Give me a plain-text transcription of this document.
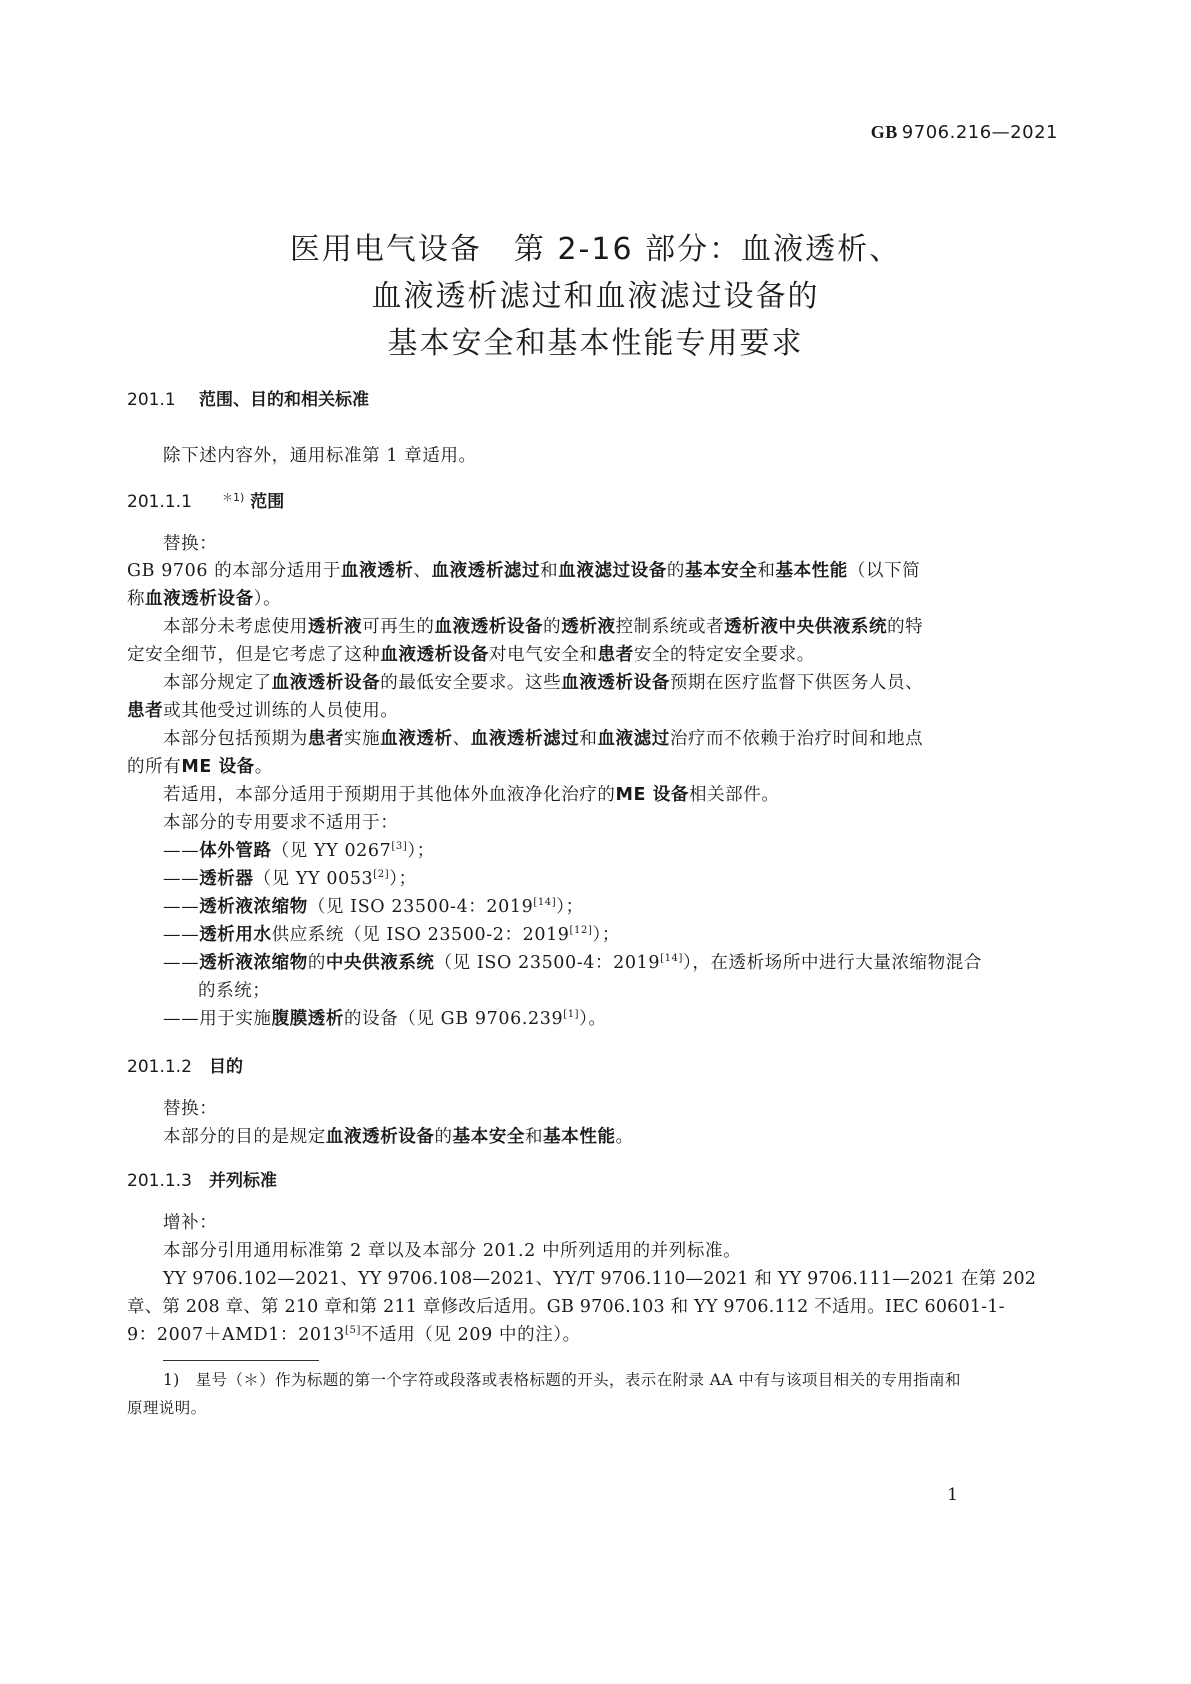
GB 9706.216—2021
医用电气设备　第 2-16 部分：血液透析、
血液透析滤过和血液滤过设备的
基本安全和基本性能专用要求
201.1 范围、目的和相关标准
除下述内容外，通用标准第 1 章适用。
201.1.1	$^{*1)}$ 范围
替换：
GB 9706 的本部分适用于血液透析、血液透析滤过和血液滤过设备的基本安全和基本性能（以下简
称血液透析设备）。
本部分未考虑使用透析液可再生的血液透析设备的透析液控制系统或者透析液中央供液系统的特
定安全细节，但是它考虑了这种血液透析设备对电气安全和患者安全的特定安全要求。
本部分规定了血液透析设备的最低安全要求。这些血液透析设备预期在医疗监督下供医务人员、
患者或其他受过训练的人员使用。
本部分包括预期为患者实施血液透析、血液透析滤过和血液滤过治疗而不依赖于治疗时间和地点
的所有ME 设备。
若适用，本部分适用于预期用于其他体外血液净化治疗的ME 设备相关部件。
本部分的专用要求不适用于：
——体外管路（见 YY 0267[3]）；
——透析器（见 YY 0053[2]）；
——透析液浓缩物（见 ISO 23500-4：2019[14]）；
——透析用水供应系统（见 ISO 23500-2：2019[12]）；
——透析液浓缩物的中央供液系统（见 ISO 23500-4：2019[14]），在透析场所中进行大量浓缩物混合
的系统；
——用于实施腹膜透析的设备（见 GB 9706.239[1]）。
201.1.2 目的
替换：
本部分的目的是规定血液透析设备的基本安全和基本性能。
201.1.3 并列标准
增补：
本部分引用通用标准第 2 章以及本部分 201.2 中所列适用的并列标准。
YY 9706.102—2021、YY 9706.108—2021、YY/T 9706.110—2021 和 YY 9706.111—2021 在第 202
章、第 208 章、第 210 章和第 211 章修改后适用。GB 9706.103 和 YY 9706.112 不适用。IEC 60601-1-
9：2007＋AMD1：2013[5]不适用（见 209 中的注）。
1)　星号（＊）作为标题的第一个字符或段落或表格标题的开头，表示在附录 AA 中有与该项目相关的专用指南和
原理说明。
1
